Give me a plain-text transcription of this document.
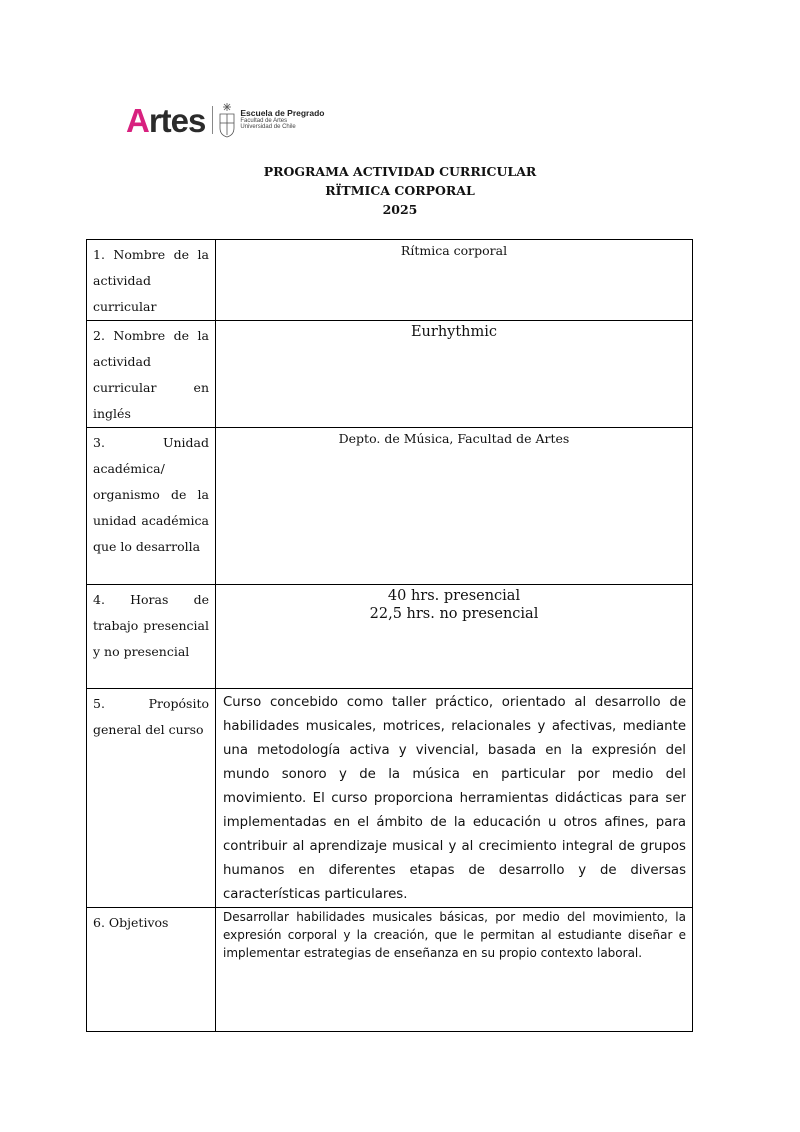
Artes	Escuela de Pregrado
Facultad de Artes
Universidad de Chile
PROGRAMA ACTIVIDAD CURRICULAR
RÏTMICA CORPORAL
2025
1. Nombre de la actividad curricular	Rítmica corporal
2. Nombre de la actividad curricular en inglés	Eurhythmic
3. Unidad académica/ organismo de la unidad académica que lo desarrolla	Depto. de Música, Facultad de Artes
4. Horas de trabajo presencial y no presencial	40 hrs. presencial
22,5 hrs. no presencial

5. Propósito general del curso	Curso concebido como taller práctico, orientado al desarrollo de habilidades musicales, motrices, relacionales y afectivas, mediante una metodología activa y vivencial, basada en la expresión del mundo sonoro y de la música en particular por medio del movimiento. El curso proporciona herramientas didácticas para ser implementadas en el ámbito de la educación u otros afines, para contribuir al aprendizaje musical y al crecimiento integral de grupos humanos en diferentes etapas de desarrollo y de diversas características particulares.

6. Objetivos	Desarrollar habilidades musicales básicas, por medio del movimiento, la expresión corporal y la creación, que le permitan al estudiante diseñar e implementar estrategias de enseñanza en su propio contexto laboral.
